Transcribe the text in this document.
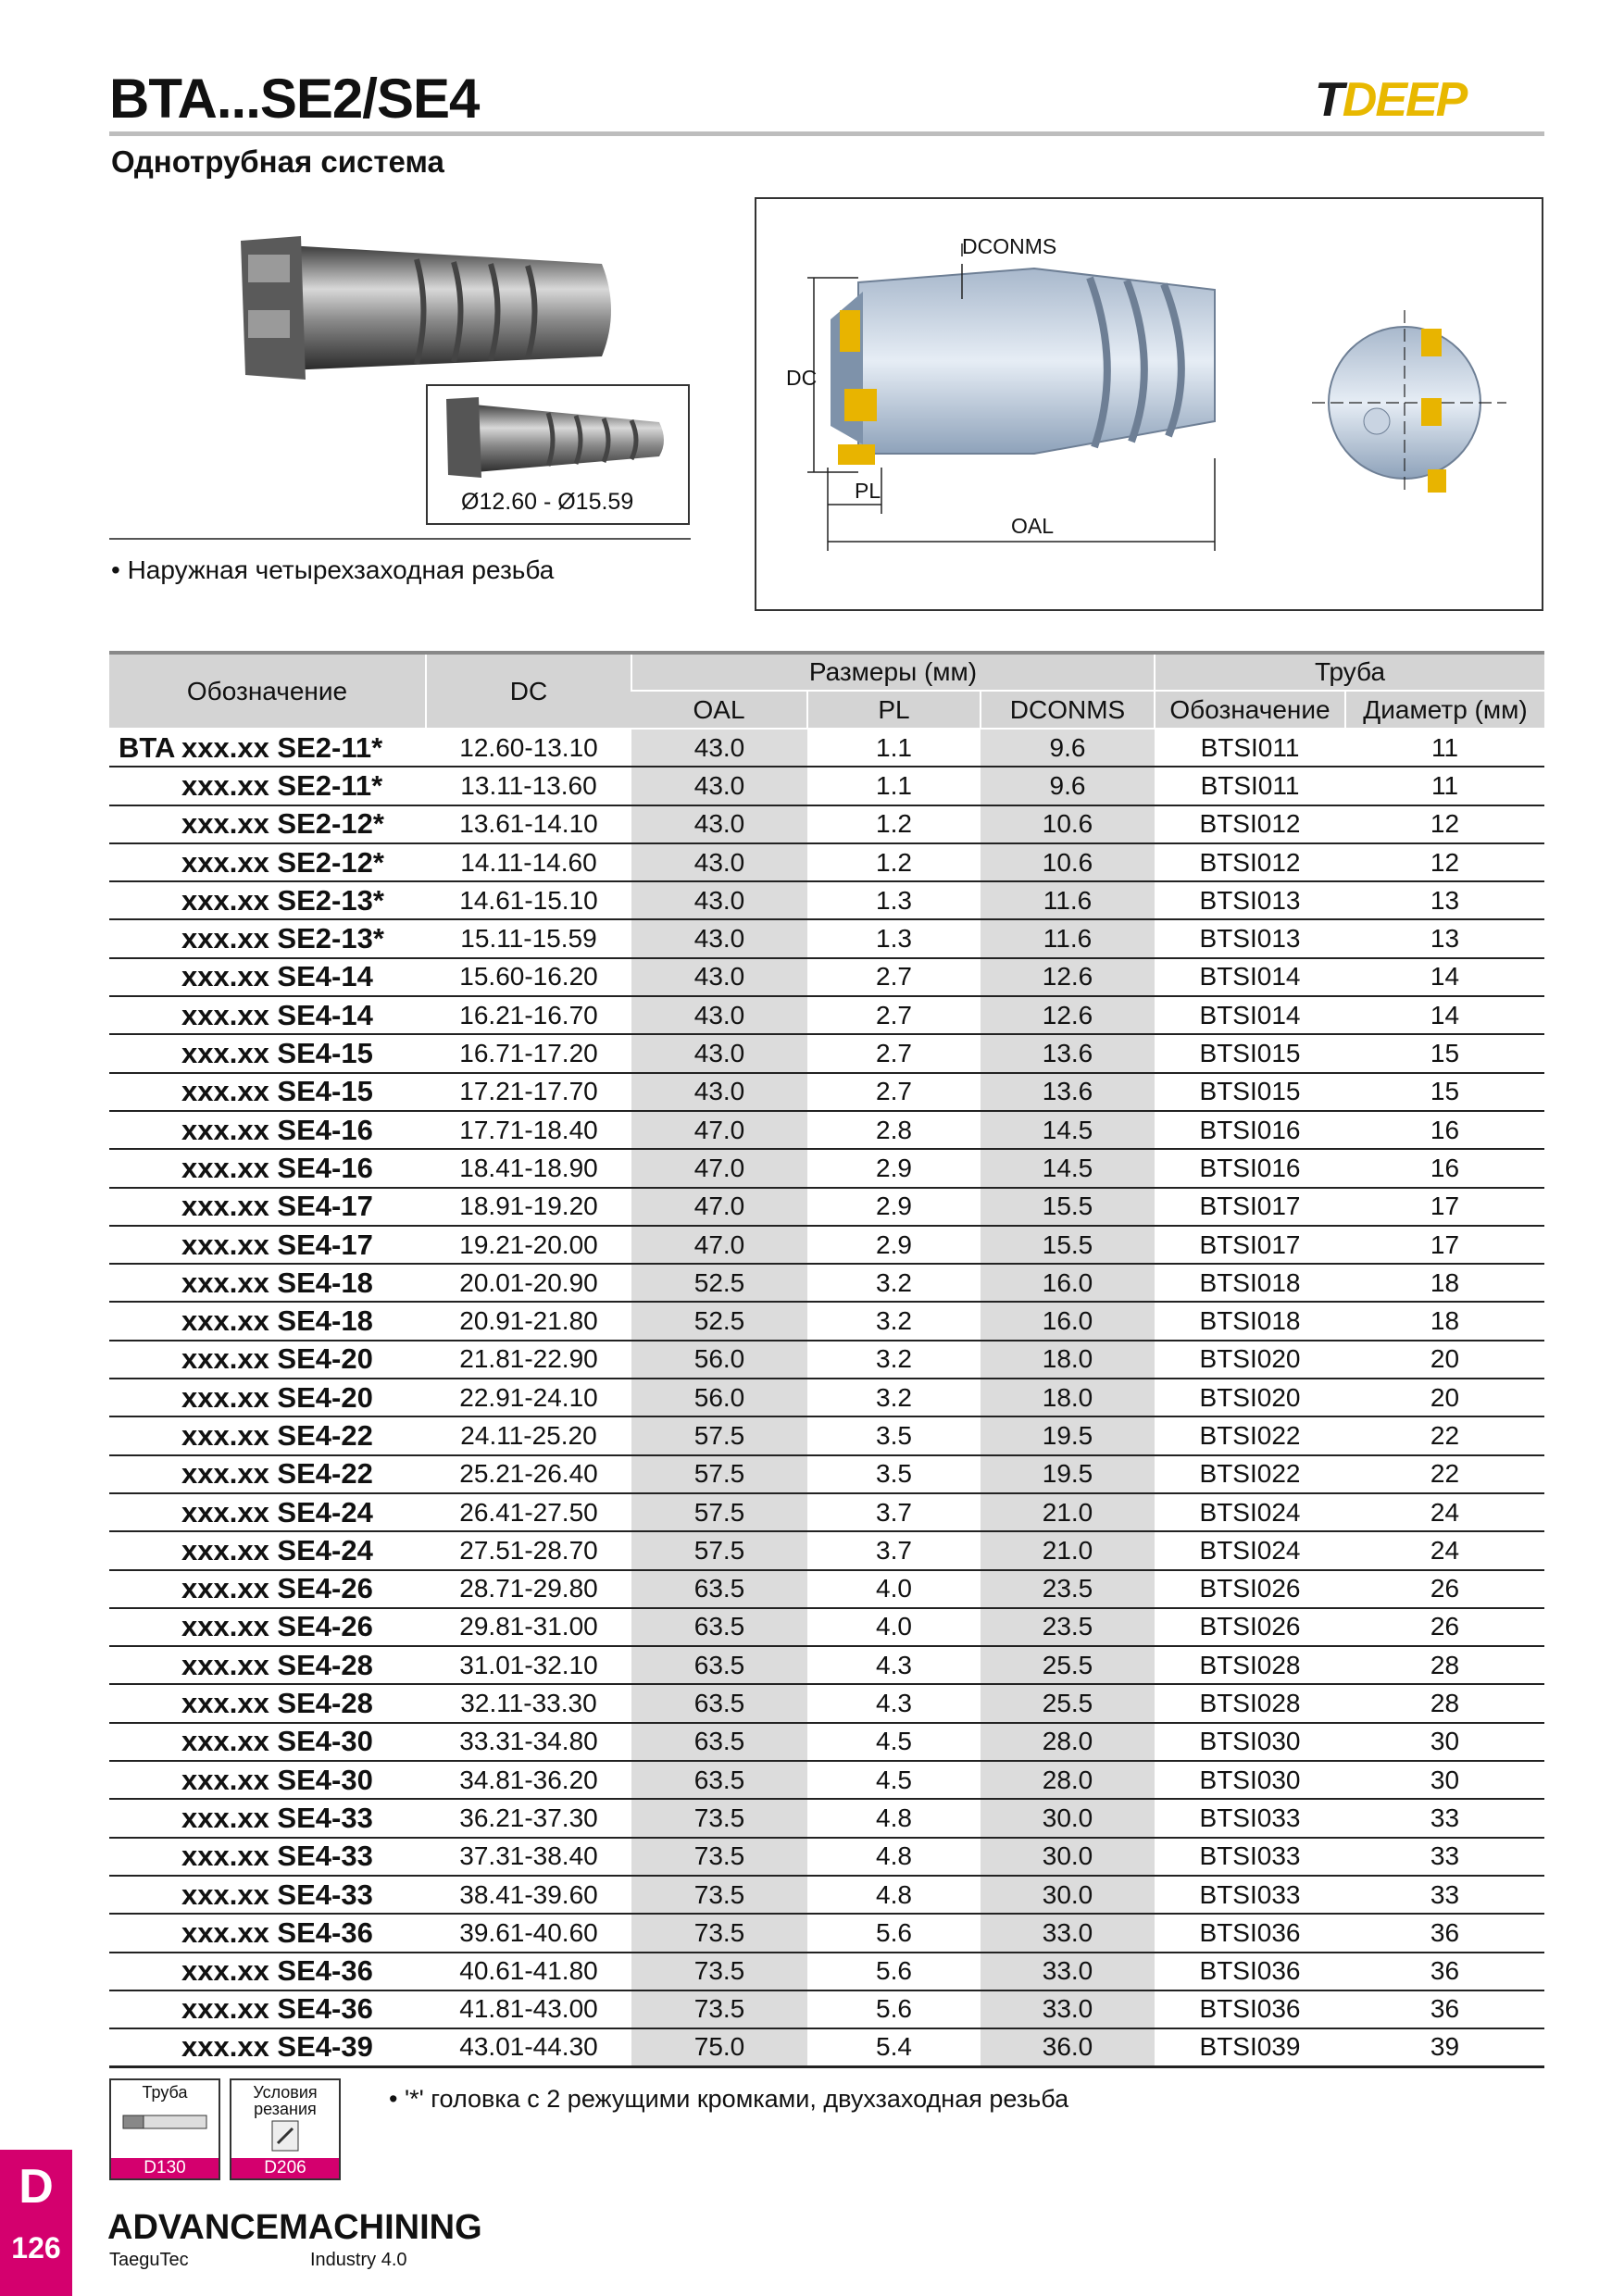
BTA...SE2/SE4
Однотрубная система
TDEEP
Ø12.60 - Ø15.59
• Наружная четырехзаходная резьба
DCONMS
DC
PL
OAL
Обозначение	DC	Размеры (мм)			Труба	
		OAL	PL	DCONMS	Обозначение	Диаметр (мм)

BTA xxx.xx SE2-11*	12.60-13.10	43.0	1.1	9.6	BTSI011	11
xxx.xx SE2-11*	13.11-13.60	43.0	1.1	9.6	BTSI011	11
xxx.xx SE2-12*	13.61-14.10	43.0	1.2	10.6	BTSI012	12
xxx.xx SE2-12*	14.11-14.60	43.0	1.2	10.6	BTSI012	12
xxx.xx SE2-13*	14.61-15.10	43.0	1.3	11.6	BTSI013	13
xxx.xx SE2-13*	15.11-15.59	43.0	1.3	11.6	BTSI013	13
xxx.xx SE4-14	15.60-16.20	43.0	2.7	12.6	BTSI014	14
xxx.xx SE4-14	16.21-16.70	43.0	2.7	12.6	BTSI014	14
xxx.xx SE4-15	16.71-17.20	43.0	2.7	13.6	BTSI015	15
xxx.xx SE4-15	17.21-17.70	43.0	2.7	13.6	BTSI015	15
xxx.xx SE4-16	17.71-18.40	47.0	2.8	14.5	BTSI016	16
xxx.xx SE4-16	18.41-18.90	47.0	2.9	14.5	BTSI016	16
xxx.xx SE4-17	18.91-19.20	47.0	2.9	15.5	BTSI017	17
xxx.xx SE4-17	19.21-20.00	47.0	2.9	15.5	BTSI017	17
xxx.xx SE4-18	20.01-20.90	52.5	3.2	16.0	BTSI018	18
xxx.xx SE4-18	20.91-21.80	52.5	3.2	16.0	BTSI018	18
xxx.xx SE4-20	21.81-22.90	56.0	3.2	18.0	BTSI020	20
xxx.xx SE4-20	22.91-24.10	56.0	3.2	18.0	BTSI020	20
xxx.xx SE4-22	24.11-25.20	57.5	3.5	19.5	BTSI022	22
xxx.xx SE4-22	25.21-26.40	57.5	3.5	19.5	BTSI022	22
xxx.xx SE4-24	26.41-27.50	57.5	3.7	21.0	BTSI024	24
xxx.xx SE4-24	27.51-28.70	57.5	3.7	21.0	BTSI024	24
xxx.xx SE4-26	28.71-29.80	63.5	4.0	23.5	BTSI026	26
xxx.xx SE4-26	29.81-31.00	63.5	4.0	23.5	BTSI026	26
xxx.xx SE4-28	31.01-32.10	63.5	4.3	25.5	BTSI028	28
xxx.xx SE4-28	32.11-33.30	63.5	4.3	25.5	BTSI028	28
xxx.xx SE4-30	33.31-34.80	63.5	4.5	28.0	BTSI030	30
xxx.xx SE4-30	34.81-36.20	63.5	4.5	28.0	BTSI030	30
xxx.xx SE4-33	36.21-37.30	73.5	4.8	30.0	BTSI033	33
xxx.xx SE4-33	37.31-38.40	73.5	4.8	30.0	BTSI033	33
xxx.xx SE4-33	38.41-39.60	73.5	4.8	30.0	BTSI033	33
xxx.xx SE4-36	39.61-40.60	73.5	5.6	33.0	BTSI036	36
xxx.xx SE4-36	40.61-41.80	73.5	5.6	33.0	BTSI036	36
xxx.xx SE4-36	41.81-43.00	73.5	5.6	33.0	BTSI036	36
xxx.xx SE4-39	43.01-44.30	75.0	5.4	36.0	BTSI039	39
Труба
D130
Условия резания
D206
• '*' головка с 2 режущими кромками, двухзаходная резьба
D
126
ADVANCEMACHINING
TaeguTec	Industry 4.0
